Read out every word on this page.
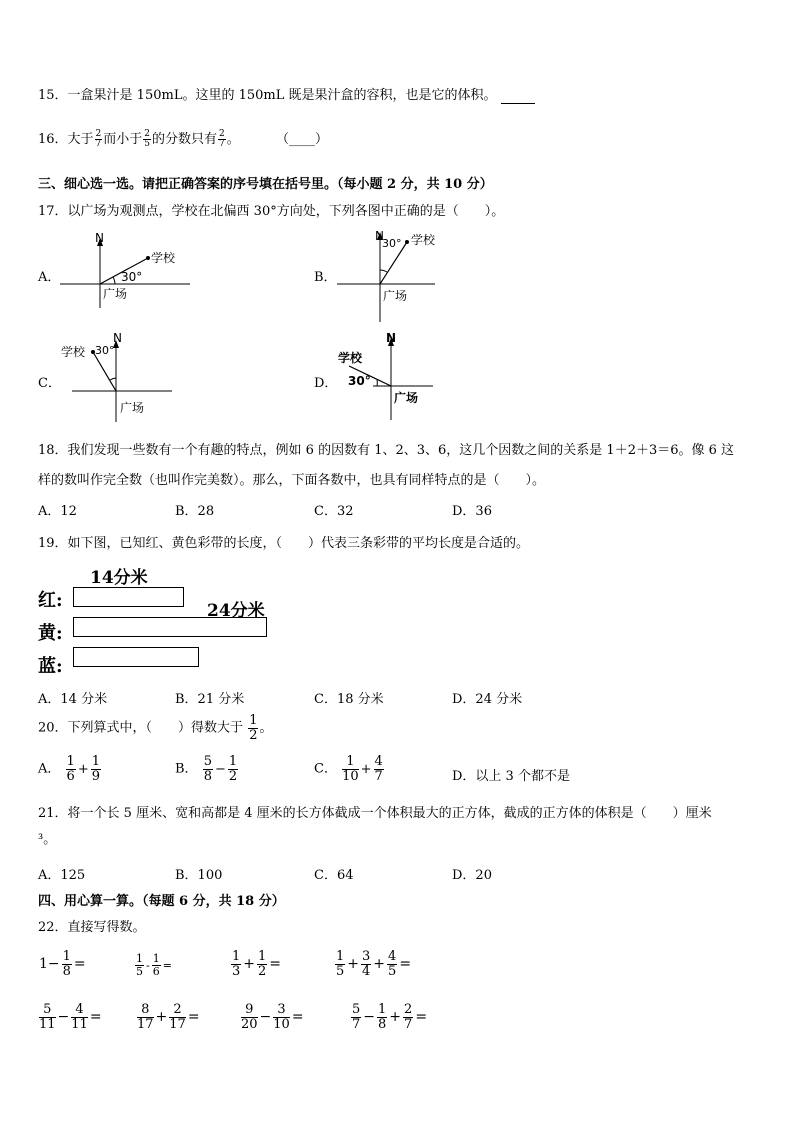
15．一盒果汁是 150mL。这里的 150mL 既是果汁盒的容积，也是它的体积。
16．大于 $\frac{2}{7}$ 而小于 $\frac{2}{5}$ 的分数只有 $\frac{2}{7}$ 。	（____）
三、细心选一选。请把正确答案的序号填在括号里。（每小题 2 分，共 10 分）
17．以广场为观测点，学校在北偏西 30°方向处，下列各图中正确的是（　　）。
A．	B．
C．	D．
N
学校
30°
广场
N
30° 学校
广场
N
学校 30°
广场
N
学校
30°
广场
18．我们发现一些数有一个有趣的特点，例如 6 的因数有 1、2、3、6，这几个因数之间的关系是 1＋2＋3＝6。像 6 这
样的数叫作完全数（也叫作完美数）。那么，下面各数中，也具有同样特点的是（　　）。
A．12	B．28	C．32	D．36
19．如下图，已知红、黄色彩带的长度，（　　）代表三条彩带的平均长度是合适的。
14分米
24分米
红:
黄:
蓝:
A．14 分米	B．21 分米	C．18 分米	D．24 分米
20．下列算式中，（　　）得数大于 $\frac{1}{2}$ 。
A． $\frac{1}{6} + \frac{1}{9}$	B． $\frac{5}{8} - \frac{1}{2}$	C． $\frac{1}{10} + \frac{4}{7}$	D．以上 3 个都不是
21．将一个长 5 厘米、宽和高都是 4 厘米的长方体截成一个体积最大的正方体，截成的正方体的体积是（　　）厘米
³。
A．125	B．100	C．64	D．20
四、用心算一算。（每题 6 分，共 18 分）
22．直接写得数。
$1- \frac{1}{8}$ =	$\frac{1}{5} - \frac{1}{6}$ =	$\frac{1}{3} + \frac{1}{2}$ =	$\frac{1}{5} + \frac{3}{4} + \frac{4}{5}$ =
$\frac{5}{11} - \frac{4}{11}$ =	$\frac{8}{17} + \frac{2}{17}$ =	$\frac{9}{20} - \frac{3}{10}$ =	$\frac{5}{7} - \frac{1}{8} + \frac{2}{7}$ =
